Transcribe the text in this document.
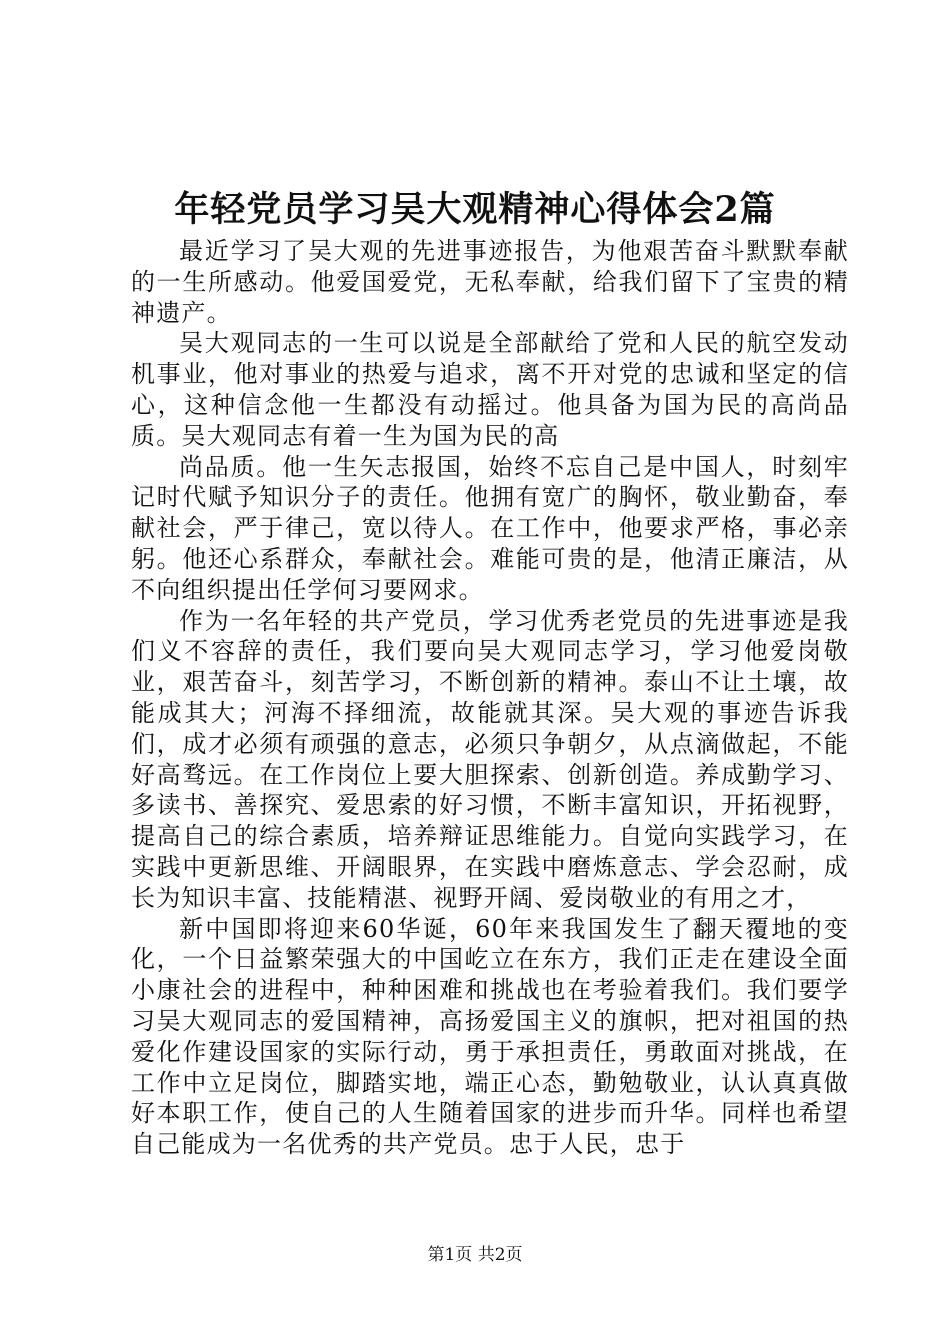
年轻党员学习吴大观精神心得体会2篇

最近学习了吴大观的先进事迹报告，为他艰苦奋斗默默奉献的一生所感动。他爱国爱党，无私奉献，给我们留下了宝贵的精神遗产。

吴大观同志的一生可以说是全部献给了党和人民的航空发动机事业，他对事业的热爱与追求，离不开对党的忠诚和坚定的信心，这种信念他一生都没有动摇过。他具备为国为民的高尚品质。吴大观同志有着一生为国为民的高

尚品质。他一生矢志报国，始终不忘自己是中国人，时刻牢记时代赋予知识分子的责任。他拥有宽广的胸怀，敬业勤奋，奉献社会，严于律己，宽以待人。在工作中，他要求严格，事必亲躬。他还心系群众，奉献社会。难能可贵的是，他清正廉洁，从不向组织提出任学何习要网求。

作为一名年轻的共产党员，学习优秀老党员的先进事迹是我们义不容辞的责任，我们要向吴大观同志学习，学习他爱岗敬业，艰苦奋斗，刻苦学习，不断创新的精神。泰山不让土壤，故能成其大；河海不择细流，故能就其深。吴大观的事迹告诉我们，成才必须有顽强的意志，必须只争朝夕，从点滴做起，不能好高骛远。在工作岗位上要大胆探索、创新创造。养成勤学习、多读书、善探究、爱思索的好习惯，不断丰富知识，开拓视野，提高自己的综合素质，培养辩证思维能力。自觉向实践学习，在实践中更新思维、开阔眼界，在实践中磨炼意志、学会忍耐，成长为知识丰富、技能精湛、视野开阔、爱岗敬业的有用之才，

新中国即将迎来60华诞，60年来我国发生了翻天覆地的变化，一个日益繁荣强大的中国屹立在东方，我们正走在建设全面小康社会的进程中，种种困难和挑战也在考验着我们。我们要学习吴大观同志的爱国精神，高扬爱国主义的旗帜，把对祖国的热爱化作建设国家的实际行动，勇于承担责任，勇敢面对挑战，在工作中立足岗位，脚踏实地，端正心态，勤勉敬业，认认真真做好本职工作，使自己的人生随着国家的进步而升华。同样也希望自己能成为一名优秀的共产党员。忠于人民，忠于

第1页 共2页
